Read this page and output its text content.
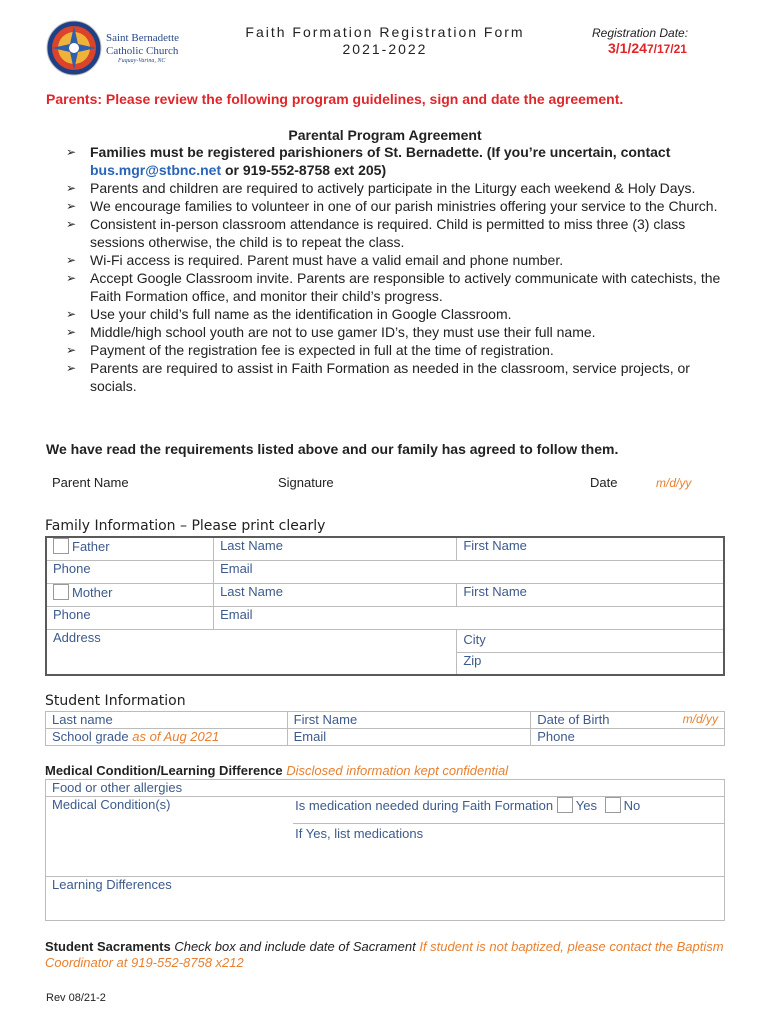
Saint Bernadette
Catholic Church
Fuquay-Varina, NC
Faith Formation Registration Form
2021-2022
Registration Date:
3/1/247/17/21
Parents: Please review the following program guidelines, sign and date the agreement.
Parental Program Agreement
➢ Families must be registered parishioners of St. Bernadette. (If you’re uncertain, contact bus.mgr@stbnc.net or 919-552-8758 ext 205)
➢ Parents and children are required to actively participate in the Liturgy each weekend & Holy Days.
➢ We encourage families to volunteer in one of our parish ministries offering your service to the Church.
➢ Consistent in-person classroom attendance is required. Child is permitted to miss three (3) class sessions otherwise, the child is to repeat the class.
➢ Wi-Fi access is required. Parent must have a valid email and phone number.
➢ Accept Google Classroom invite. Parents are responsible to actively communicate with catechists, the Faith Formation office, and monitor their child’s progress.
➢ Use your child’s full name as the identification in Google Classroom.
➢ Middle/high school youth are not to use gamer ID’s, they must use their full name.
➢ Payment of the registration fee is expected in full at the time of registration.
➢ Parents are required to assist in Faith Formation as needed in the classroom, service projects, or socials.
We have read the requirements listed above and our family has agreed to follow them.
Parent Name	Signature	Date	m/d/yy
Family Information – Please print clearly
Father	Last Name	First Name
Phone	Email	
Mother	Last Name	First Name
Phone	Email	
Address		City
		Zip
Student Information
Last name	First Name	Date of Birth m/d/yy

School grade as of Aug 2021	Email	Phone
Medical Condition/Learning Difference Disclosed information kept confidential
Food or other allergies
Medical Condition(s)	Is medication needed during Faith Formation Yes No
If Yes, list medications

Learning Differences
Student Sacraments Check box and include date of Sacrament If student is not baptized, please contact the Baptism Coordinator at 919-552-8758 x212
Rev 08/21-2
